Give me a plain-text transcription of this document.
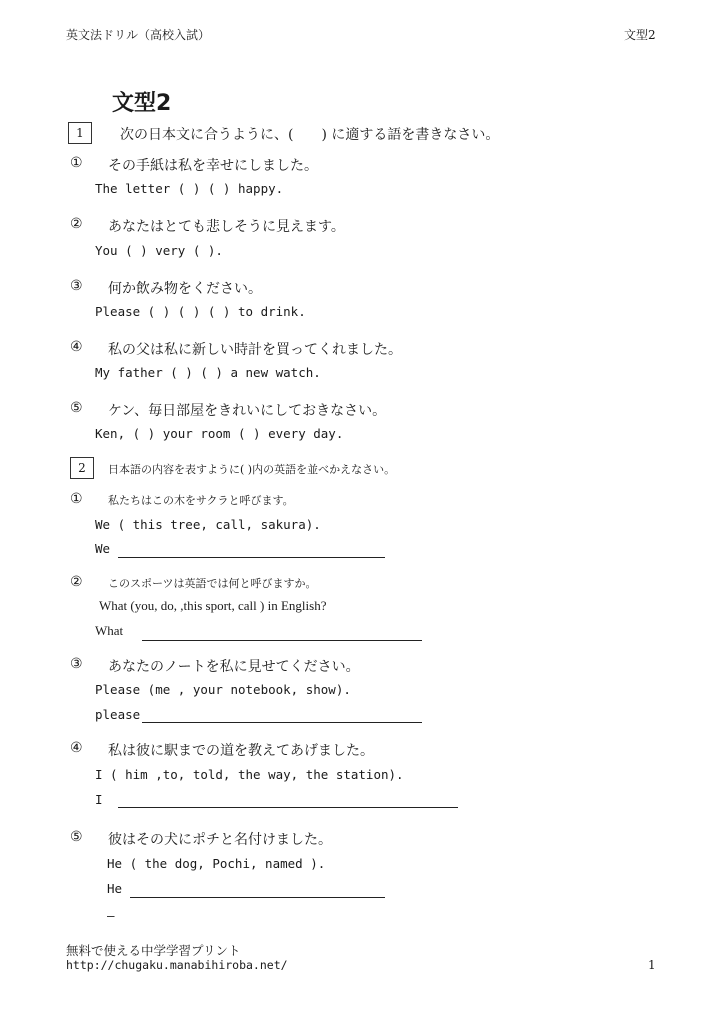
英文法ドリル（高校入試）	文型2
文型2
1	次の日本文に合うように、(　　) に適する語を書きなさい。
① その手紙は私を幸せにしました。
The letter ( ) ( ) happy.
② あなたはとても悲しそうに見えます。
You ( ) very ( ).
③ 何か飲み物をください。
Please ( ) ( ) ( ) to drink.
④ 私の父は私に新しい時計を買ってくれました。
My father ( ) ( ) a new watch.
⑤ ケン、毎日部屋をきれいにしておきなさい。
Ken, ( ) your room ( ) every day.
2	日本語の内容を表すように( )内の英語を並べかえなさい。
① 私たちはこの木をサクラと呼びます。
We ( this tree, call, sakura).
We
② このスポーツは英語では何と呼びますか。
What (you, do, ,this sport, call ) in English?
What
③ あなたのノートを私に見せてください。
Please (me , your notebook, show).
please
④ 私は彼に駅までの道を教えてあげました。
I ( him ,to, told, the way, the station).
I
⑤ 彼はその犬にポチと名付けました。
He ( the dog, Pochi, named ).
He
—
無料で使える中学学習プリント
http://chugaku.manabihiroba.net/	1
